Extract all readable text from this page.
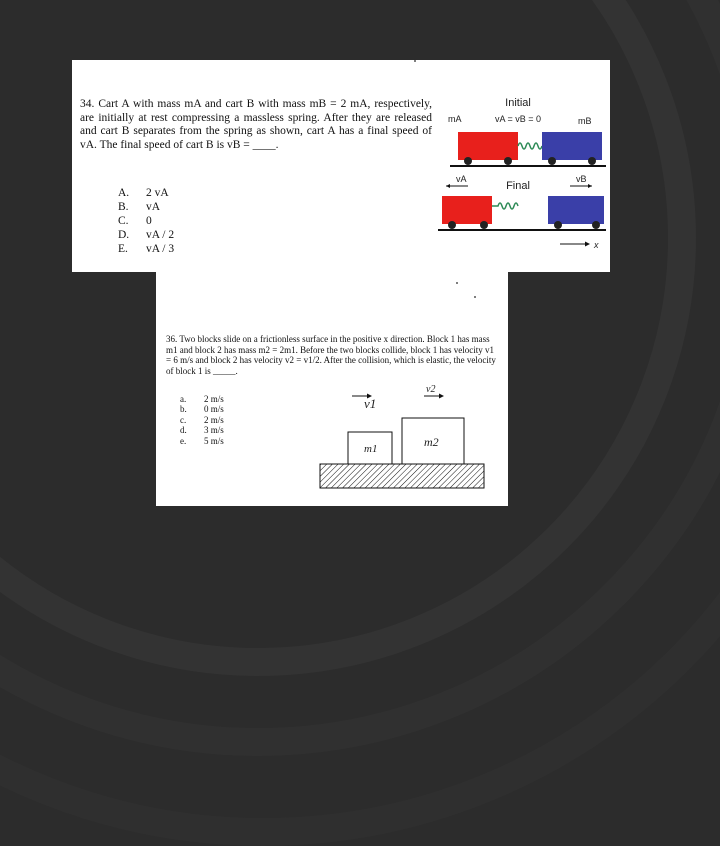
34. Cart A with mass mA and cart B with mass mB = 2 mA, respectively, are initially at rest compressing a massless spring. After they are released and cart B separates from the spring as shown, cart A has a final speed of vA. The final speed of cart B is vB = ____.
A. 2 vA
B.	vA
C.	0
D. vA / 2
E.	vA / 3
Initial
mA	vA = vB = 0	mB
vA
Final
vB
x
36. Two blocks slide on a frictionless surface in the positive x direction. Block 1 has mass m1 and block 2 has mass m2 = 2m1. Before the two blocks collide, block 1 has velocity v1 = 6 m/s and block 2 has velocity v2 = v1/2. After the collision, which is elastic, the velocity of block 1 is _____.
a.	2 m/s
b.	0 m/s
c.	2 m/s
d.	3 m/s
e.	5 m/s
v2
v1
m1	m2
